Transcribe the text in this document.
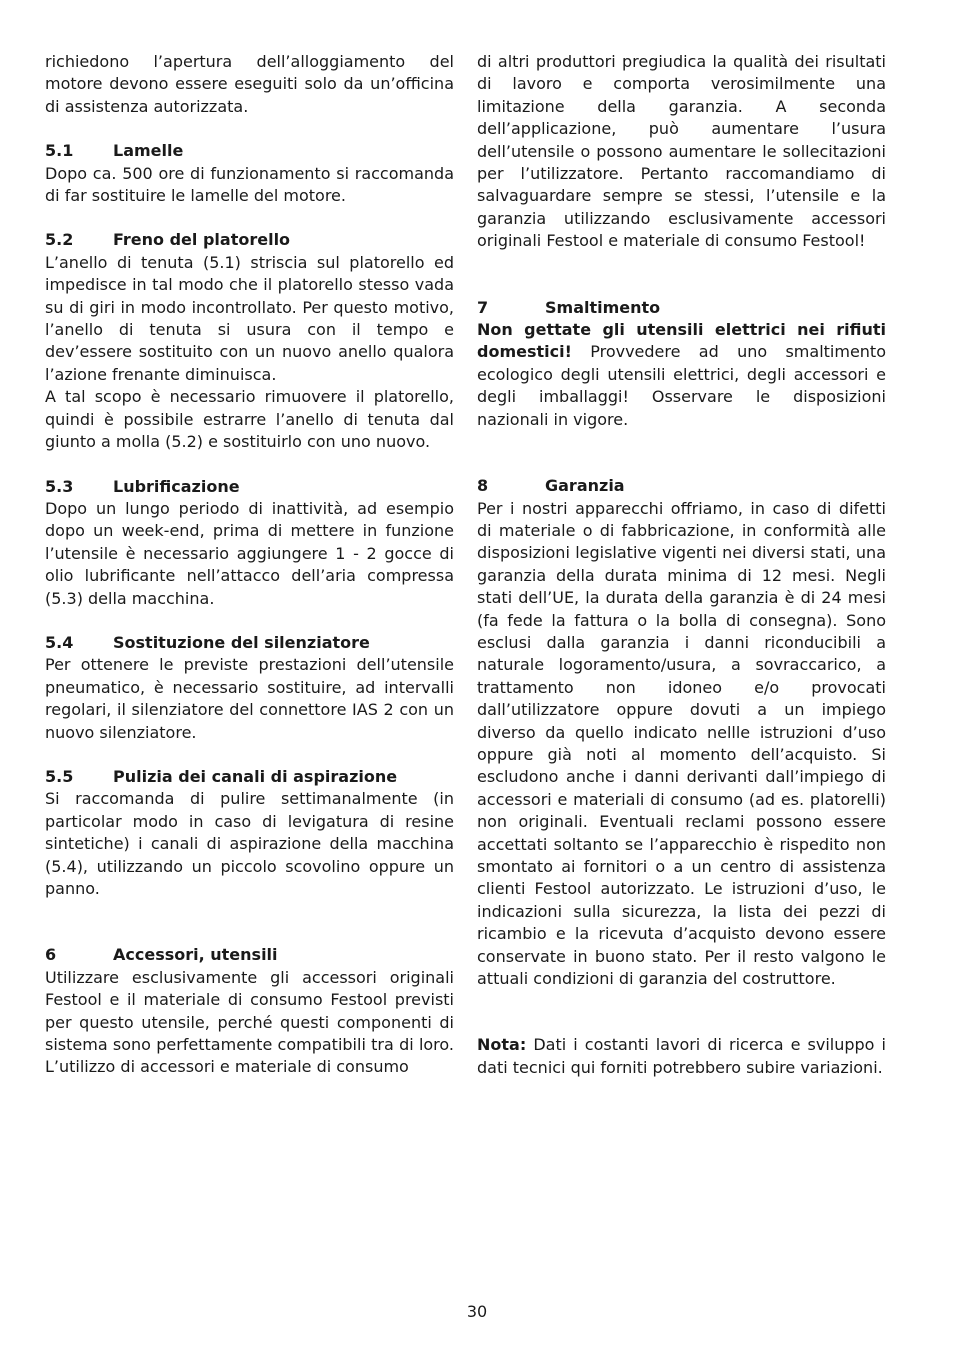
richiedono l’apertura dell’alloggiamento del motore devono essere eseguiti solo da un’officina di assistenza autorizzata.

5.1	Lamelle

Dopo ca. 500 ore di funzionamento si raccomanda di far sostituire le lamelle del motore.

5.2	Freno del platorello

L’anello di tenuta (5.1) striscia sul platorello ed impedisce in tal modo che il platorello stesso vada su di giri in modo incontrollato. Per questo motivo, l’anello di tenuta si usura con il tempo e dev’essere sostituito con un nuovo anello qualora l’azione frenante diminuisca.

A tal scopo è necessario rimuovere il platorello, quindi è possibile estrarre l’anello di tenuta dal giunto a molla (5.2) e sostituirlo con uno nuovo.

5.3	Lubrificazione

Dopo un lungo periodo di inattività, ad esempio dopo un week-end, prima di mettere in funzione l’utensile è necessario aggiungere 1 - 2 gocce di olio lubrificante nell’attacco dell’aria compressa (5.3) della macchina.

5.4	Sostituzione del silenziatore

Per ottenere le previste prestazioni dell’utensile pneumatico, è necessario sostituire, ad intervalli regolari, il silenziatore del connettore IAS 2 con un nuovo silenziatore.

5.5	Pulizia dei canali di aspirazione

Si raccomanda di pulire settimanalmente (in particolar modo in caso di levigatura di resine sintetiche) i canali di aspirazione della macchina (5.4), utilizzando un piccolo scovolino oppure un panno.

6	Accessori, utensili

Utilizzare esclusivamente gli accessori originali Festool e il materiale di consumo Festool previsti per questo utensile, perché questi componenti di sistema sono perfettamente compatibili tra di loro. L’utilizzo di accessori e materiale di consumo

di altri produttori pregiudica la qualità dei risultati di lavoro e comporta verosimilmente una limitazione della garanzia. A seconda dell’applicazione, può aumentare l’usura dell’utensile o possono aumentare le sollecitazioni per l’utilizzatore. Pertanto raccomandiamo di salvaguardare sempre se stessi, l’utensile e la garanzia utilizzando esclusivamente accessori originali Festool e materiale di consumo Festool!

7	Smaltimento

Non gettate gli utensili elettrici nei rifiuti domestici! Provvedere ad uno smaltimento ecologico degli utensili elettrici, degli accessori e degli imballaggi! Osservare le disposizioni nazionali in vigore.

8	Garanzia

Per i nostri apparecchi offriamo, in caso di difetti di materiale o di fabbricazione, in conformità alle disposizioni legislative vigenti nei diversi stati, una garanzia della durata minima di 12 mesi. Negli stati dell’UE, la durata della garanzia è di 24 mesi (fa fede la fattura o la bolla di consegna). Sono esclusi dalla garanzia i danni riconducibili a naturale logoramento/usura, a sovraccarico, a trattamento non idoneo e/o provocati dall’utilizzatore oppure dovuti a un impiego diverso da quello indicato nellle istruzioni d’uso oppure già noti al momento dell’acquisto. Si escludono anche i danni derivanti dall’impiego di accessori e materiali di consumo (ad es. platorelli) non originali. Eventuali reclami possono essere accettati soltanto se l’apparecchio è rispedito non smontato ai fornitori o a un centro di assistenza clienti Festool autorizzato. Le istruzioni d’uso, le indicazioni sulla sicurezza, la lista dei pezzi di ricambio e la ricevuta d’acquisto devono essere conservate in buono stato. Per il resto valgono le attuali condizioni di garanzia del costruttore.

Nota: Dati i costanti lavori di ricerca e sviluppo i dati tecnici qui forniti potrebbero subire variazioni.

30
